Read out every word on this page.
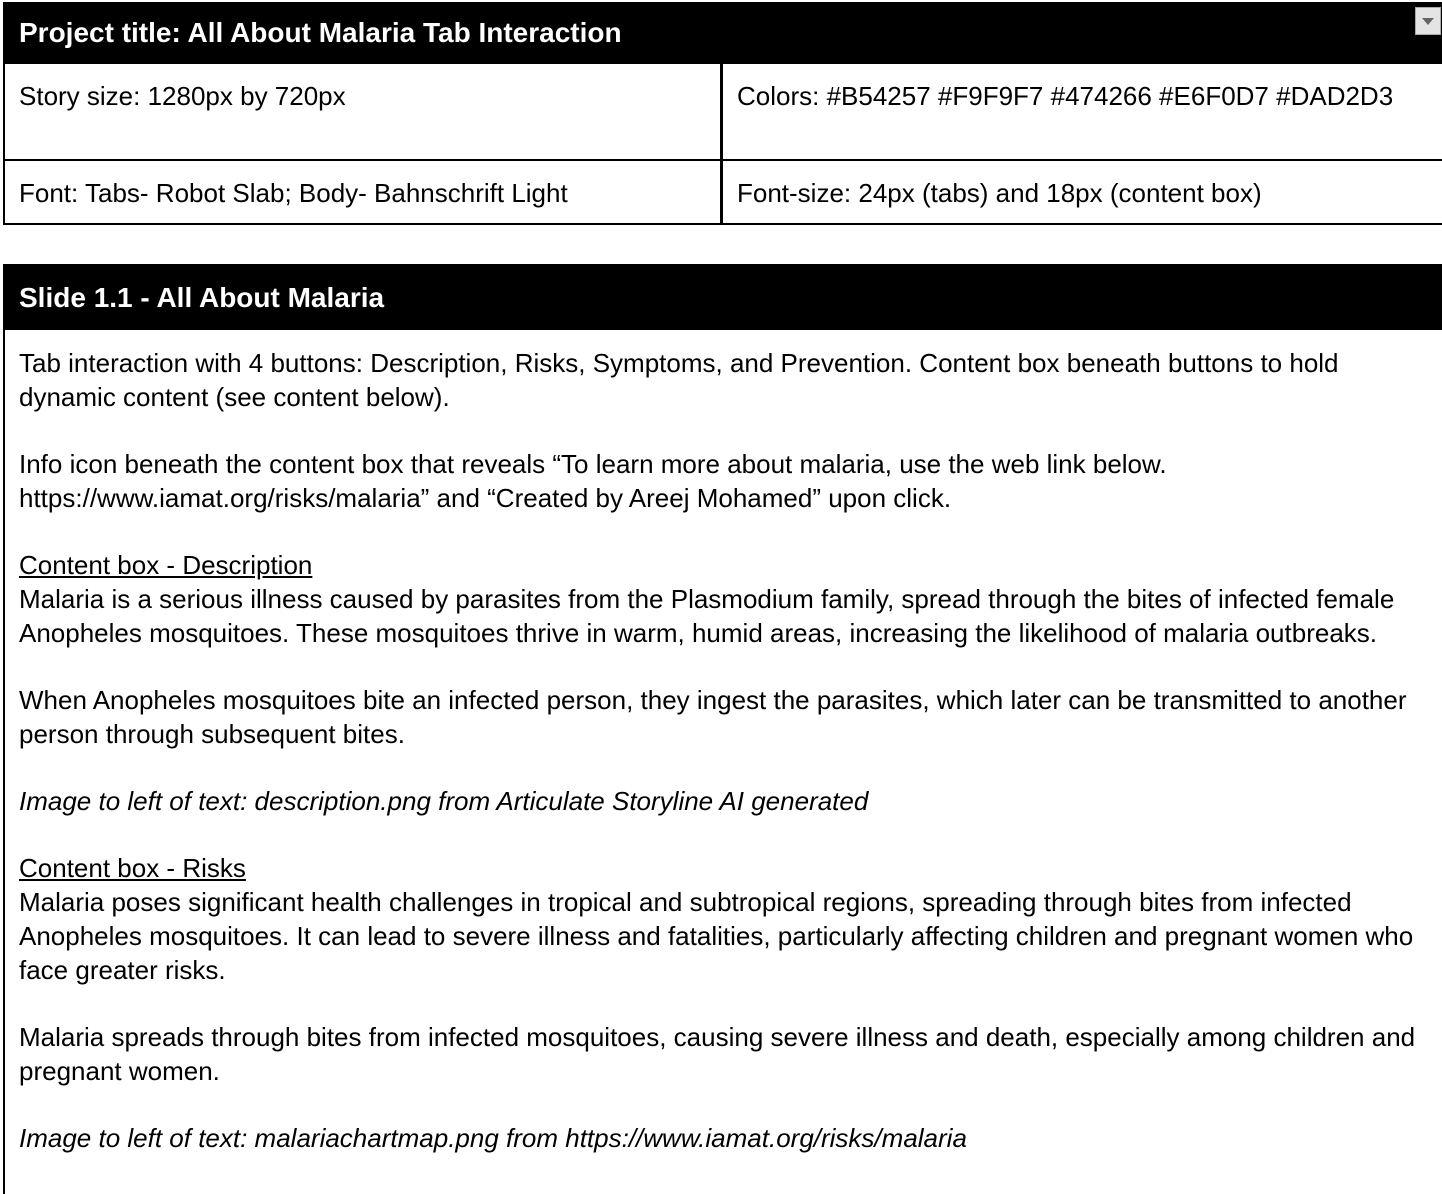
Project title: All About Malaria Tab Interaction
Story size: 1280px by 720px	Colors: #B54257 #F9F9F7 #474266 #E6F0D7 #DAD2D3
Font: Tabs- Robot Slab; Body- Bahnschrift Light	Font-size: 24px (tabs) and 18px (content box)
Slide 1.1 - All About Malaria

Tab interaction with 4 buttons: Description, Risks, Symptoms, and Prevention. Content box beneath buttons to hold dynamic content (see content below).

Info icon beneath the content box that reveals “To learn more about malaria, use the web link below. https://www.iamat.org/risks/malaria” and “Created by Areej Mohamed” upon click.

Content box - Description

Malaria is a serious illness caused by parasites from the Plasmodium family, spread through the bites of infected female Anopheles mosquitoes. These mosquitoes thrive in warm, humid areas, increasing the likelihood of malaria outbreaks.

When Anopheles mosquitoes bite an infected person, they ingest the parasites, which later can be transmitted to another person through subsequent bites.

Image to left of text: description.png from Articulate Storyline AI generated

Content box - Risks

Malaria poses significant health challenges in tropical and subtropical regions, spreading through bites from infected Anopheles mosquitoes. It can lead to severe illness and fatalities, particularly affecting children and pregnant women who face greater risks.

Malaria spreads through bites from infected mosquitoes, causing severe illness and death, especially among children and pregnant women.

Image to left of text: malariachartmap.png from https://www.iamat.org/risks/malaria
